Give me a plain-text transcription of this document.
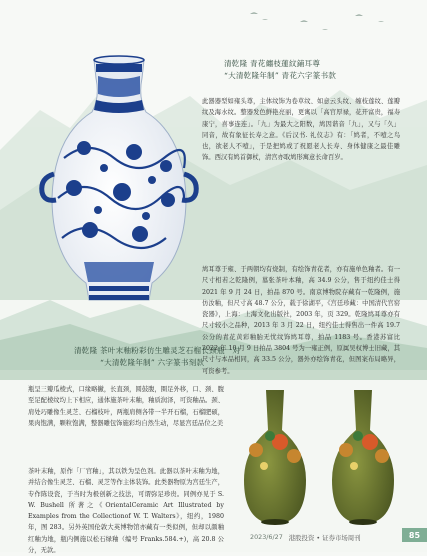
清乾隆 青花纏枝蓮紋鋪耳尊
“大清乾隆年制” 青花六字篆书款
此器器型如雍头尊，主体纹饰为卷草纹、如意云头纹、缠枝莲纹、莲瓣纹及海水纹。整器发色鲜艳亮丽，更寓以「高官厚禄，花开富贵，福寿康宁，喜事连连」。「九」为最大之阳数，鸠因谐音「九」，又与「久」同音，故有象征长寿之意。《后汉书. 礼仪志》有：「鸠者，不噎之鸟也，欲老人不噎」，于是把鸠或了祝愿老人长寿、身体健康之最佳雕饰。西汉有鸠首御杖，清宫亦取鸠形寓意长命百岁。
鸠耳尊于雍、于两朝均有烧制，有绘饰青花者，亦有施单色釉者。有一尺寸相若之乾隆例，墓张茶叶本釉，高 34.9 公分，售于纽约佳士得 2021 年 9 月 24 日，拍品 870 号。南京博物院存藏有一乾隆例，施仿汝釉，但尺寸高 48.7 公分，载于徐湖平，《宫廷珍藏：中国清代官窑瓷器》，上海：上海文化出版社，2003 年，页 329。乾隆鸠耳尊亦有尺寸较小之品种，2013 年 3 月 22 日，纽约佳士得售出一件高 19.7 公分的青花黄彩釉胎无忧纹饰鸠耳尊，拍品 1183 号。香港苏富比 2022 年 10 月 9 日拍品 3804 号为一雍正例，原属吴权博士旧藏，其尺寸与本品相同，高 33.5 公分，器外亦绘饰青花，但图案布局略异，可资参考。
清乾隆 茶叶末釉粉彩仿生雕灵芝石榴长颈瓶一对
“大清乾隆年制” 六字篆书刻款
瓶呈三瓣瓜棱式，口缘略撇，长直颈，圆鼓腹，圈足外移，口、颈、腹至足配棱纹均上下相应，通体施茶叶末釉，釉质润泽，可资釉品。颈、肩处巧雕像生灵芝、石榴枝叶，两瓶肩侧各带一半开石榴，石榴肥硕，果肉饱满，颗粒饱满，整器雕包饰施彩均自然生动，尽显宫廷品位之美
茶叶末釉，原作「厂官釉」，其以铁为呈色剂。此器以茶叶末釉为地，并结合像生灵芝、石榴、灵芝等作主体装饰。此类器物原为宫廷生产，专作陈设瓷，于当时为极创新之技法，可谓弥足珍贵。同例亦见于 S. W. Bushell 所著之《OrientalCeramic Art Illustrated by Examples from the Collectionof W. T. Walters》，纽约，1980 年，图 283。另外英国伦敦大英博物馆亦藏有一类似例，但却以颜釉红釉为地，瓶内侧施以松石绿釉（编号 Franks.584.+)，高 20.8 公分，无款。
2023/6/27 港股投资 • 证券市场周刊	85
